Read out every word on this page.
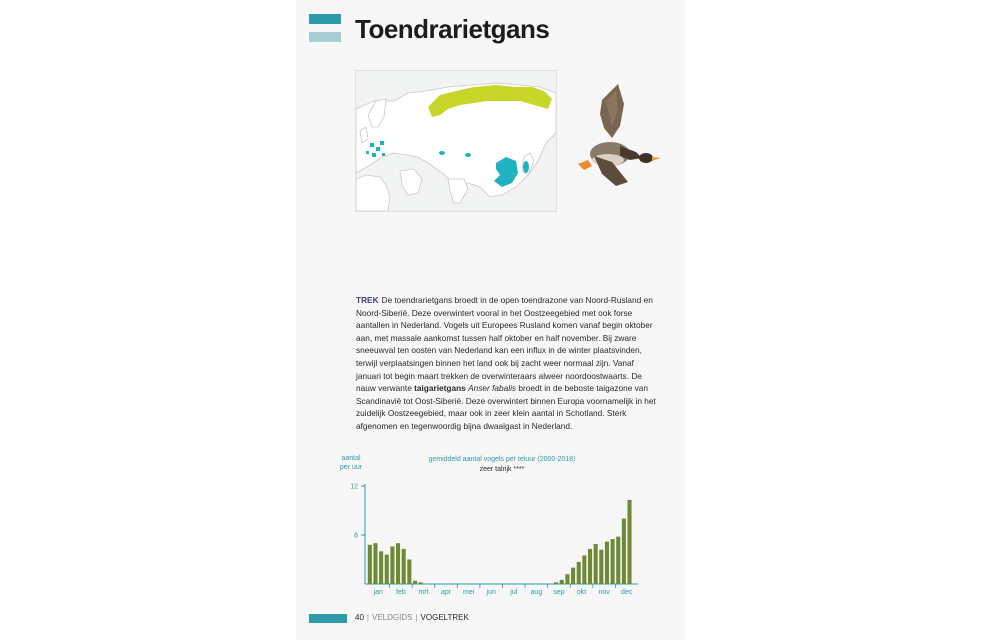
Toendrarietgans
TREK De toendrarietgans broedt in de open toendrazone van Noord-Rusland en Noord-Siberië. Deze overwintert vooral in het Oostzeegebied met ook forse aantallen in Nederland. Vogels uit Europees Rusland komen vanaf begin oktober aan, met massale aankomst tussen half oktober en half november. Bij zware sneeuwval ten oosten van Nederland kan een influx in de winter plaatsvinden, terwijl verplaatsingen binnen het land ook bij zacht weer normaal zijn. Vanaf januari tot begin maart trekken de overwinteraars alweer noordoostwaarts. De nauw verwante taigarietgans Anser fabalis broedt in de beboste taigazone van Scandinavië tot Oost-Siberië. Deze overwintert binnen Europa voornamelijk in het zuidelijk Oostzeegebied, maar ook in zeer klein aantal in Schotland. Sterk afgenomen en tegenwoordig bijna dwaalgast in Nederland.
aantal
per uur
gemiddeld aantal vogels per teluur (2000-2018)
zeer talrijk ****
6
12
jan feb mrt apr mei jun jul aug sep okt nov dec
40 | VELDGIDS | VOGELTREK
